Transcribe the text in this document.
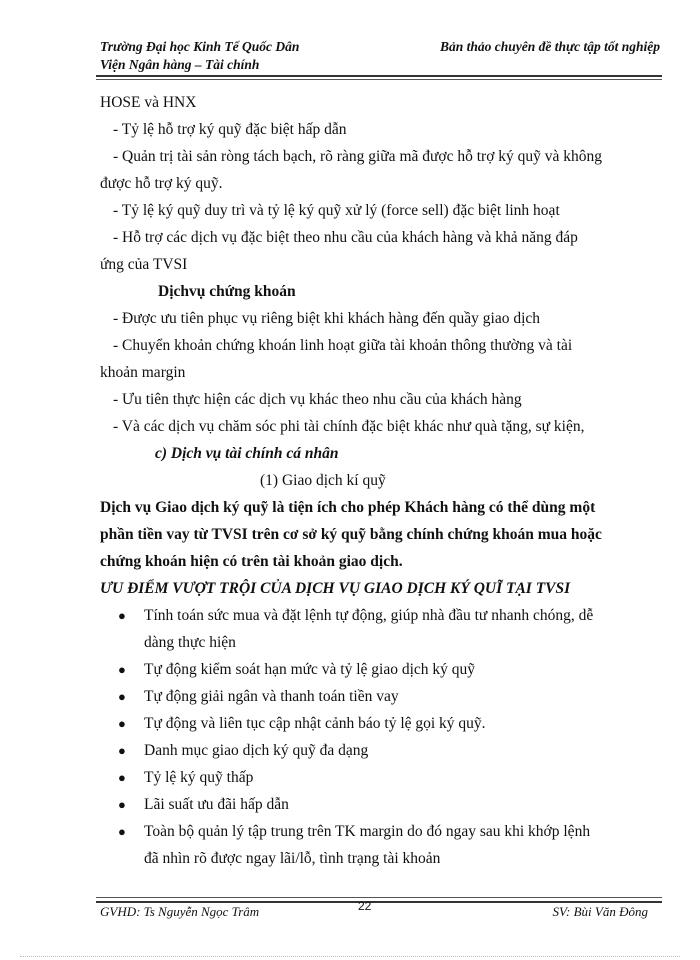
Trường Đại học Kinh Tế Quốc Dân
Viện Ngân hàng – Tài chính
Bản thảo chuyên đề thực tập tốt nghiệp
HOSE và HNX
- Tỷ lệ hỗ trợ ký quỹ đặc biệt hấp dẫn
- Quản trị tài sản ròng tách bạch, rõ ràng giữa mã được hỗ trợ ký quỹ và không
được hỗ trợ ký quỹ.
- Tỷ lệ ký quỹ duy trì và tỷ lệ ký quỹ xử lý (force sell) đặc biệt linh hoạt
- Hỗ trợ các dịch vụ đặc biệt theo nhu cầu của khách hàng và khả năng đáp
ứng của TVSI
Dịchvụ chứng khoán
- Được ưu tiên phục vụ riêng biệt khi khách hàng đến quầy giao dịch
- Chuyển khoản chứng khoán linh hoạt giữa tài khoản thông thường và tài
khoản margin
- Ưu tiên thực hiện các dịch vụ khác theo nhu cầu của khách hàng
- Và các dịch vụ chăm sóc phi tài chính đặc biệt khác như quà tặng, sự kiện,
c) Dịch vụ tài chính cá nhân
(1) Giao dịch kí quỹ
Dịch vụ Giao dịch ký quỹ là tiện ích cho phép Khách hàng có thể dùng một
phần tiền vay từ TVSI trên cơ sở ký quỹ bằng chính chứng khoán mua hoặc
chứng khoán hiện có trên tài khoản giao dịch.
ƯU ĐIỂM VƯỢT TRỘI CỦA DỊCH VỤ GIAO DỊCH KÝ QUĨ TẠI TVSI
● Tính toán sức mua và đặt lệnh tự động, giúp nhà đầu tư nhanh chóng, dễ
dàng thực hiện
● Tự động kiểm soát hạn mức và tỷ lệ giao dịch ký quỹ
● Tự động giải ngân và thanh toán tiền vay
● Tự động và liên tục cập nhật cảnh báo tỷ lệ gọi ký quỹ.
● Danh mục giao dịch ký quỹ đa dạng
● Tỷ lệ ký quỹ thấp
● Lãi suất ưu đãi hấp dẫn
● Toàn bộ quản lý tập trung trên TK margin do đó ngay sau khi khớp lệnh
đã nhìn rõ được ngay lãi/lỗ, tình trạng tài khoản
GVHD: Ts Nguyễn Ngọc Trâm	22	SV: Bùi Văn Đông
